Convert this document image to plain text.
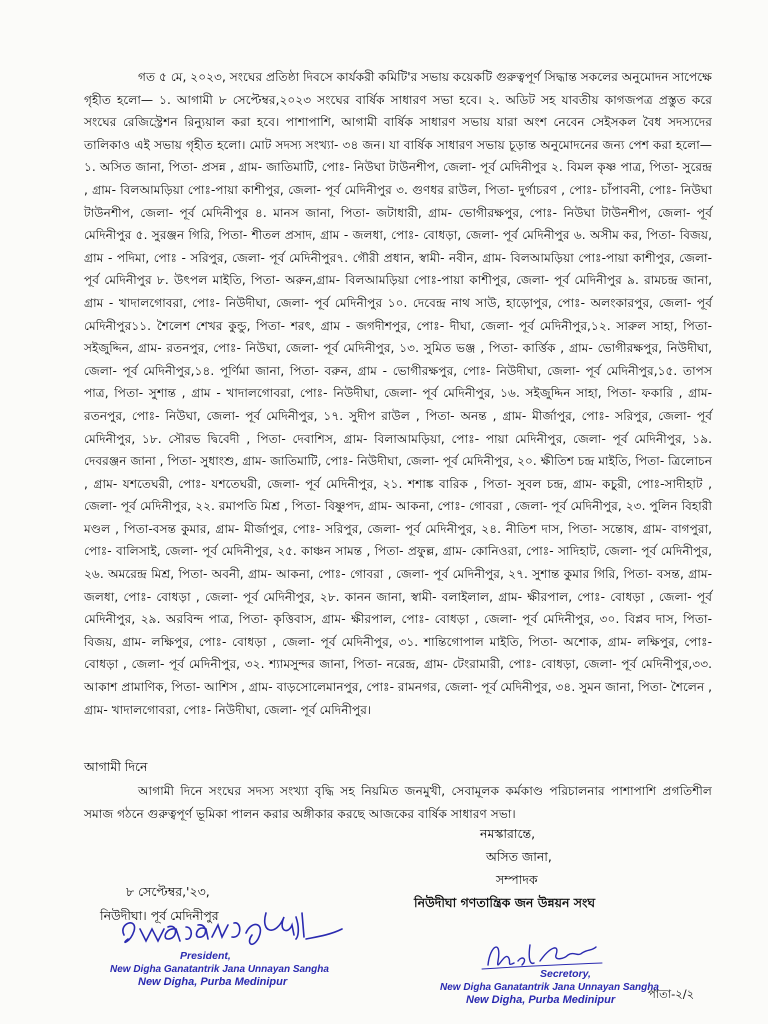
গত ৫ মে, ২০২৩, সংঘের প্রতিষ্ঠা দিবসে কার্যকরী কমিটি'র সভায় কয়েকটি গুরুত্বপূর্ণ সিদ্ধান্ত সকলের অনুমোদন সাপেক্ষে গৃহীত হলো— ১. আগামী ৮ সেপ্টেম্বর,২০২৩ সংঘের বার্ষিক সাধারণ সভা হবে। ২. অডিট সহ যাবতীয় কাগজপত্র প্রস্তুত করে সংঘের রেজিস্ট্রেশন রিন্যুয়াল করা হবে। পাশাপাশি, আগামী বার্ষিক সাধারণ সভায় যারা অংশ নেবেন সেইসকল বৈধ সদস্যদের তালিকাও এই সভায় গৃহীত হলো। মোট সদস্য সংখ্যা- ৩৪ জন। যা বার্ষিক সাধারণ সভায় চূড়ান্ত অনুমোদনের জন্য পেশ করা হলো— ১. অসিত জানা, পিতা- প্রসন্ন , গ্রাম- জাতিমাটি, পোঃ- নিউঘা টাউনশীপ, জেলা- পূর্ব মেদিনীপুর ২. বিমল কৃষ্ণ পাত্র, পিতা- সুরেন্দ্র , গ্রাম- বিলআমড়িয়া পোঃ-পায়া কাশীপুর, জেলা- পূর্ব মেদিনীপুর ৩. গুণধর রাউল, পিতা- দুর্গাচরণ , পোঃ- চাঁপাবনী, পোঃ- নিউঘা টাউনশীপ, জেলা- পূর্ব মেদিনীপুর ৪. মানস জানা, পিতা- জটাধারী, গ্রাম- ভোগীরক্ষপুর, পোঃ- নিউঘা টাউনশীপ, জেলা- পূর্ব মেদিনীপুর ৫. সুরঞ্জন গিরি, পিতা- শীতল প্রসাদ, গ্রাম - জলধা, পোঃ- বোধড়া, জেলা- পূর্ব মেদিনীপুর ৬. অসীম কর, পিতা- বিজয়, গ্রাম - পদিমা, পোঃ - সরিপুর, জেলা- পূর্ব মেদিনীপুর৭. গৌরী প্রধান, স্বামী- নবীন, গ্রাম- বিলআমড়িয়া পোঃ-পায়া কাশীপুর, জেলা- পূর্ব মেদিনীপুর ৮. উৎপল মাইতি, পিতা- অরুন,গ্রাম- বিলআমড়িয়া পোঃ-পায়া কাশীপুর, জেলা- পূর্ব মেদিনীপুর ৯. রামচন্দ্র জানা, গ্রাম - খাদালগোবরা, পোঃ- নিউদীঘা, জেলা- পূর্ব মেদিনীপুর ১০. দেবেন্দ্র নাথ সাউ, হাড়োপুর, পোঃ- অলংকারপুর, জেলা- পূর্ব মেদিনীপুর১১. শৈলেশ শেখর কুন্ডু, পিতা- শরৎ, গ্রাম - জগদীশপুর, পোঃ- দীঘা, জেলা- পূর্ব মেদিনীপুর,১২. সারুল সাহা, পিতা- সইজুদ্দিন, গ্রাম- রতনপুর, পোঃ- নিউঘা, জেলা- পূর্ব মেদিনীপুর, ১৩. সুমিত ভঞ্জ , পিতা- কার্ত্তিক , গ্রাম- ভোগীরক্ষপুর, নিউদীঘা, জেলা- পূর্ব মেদিনীপুর,১৪. পূর্ণিমা জানা, পিতা- বরুন, গ্রাম - ভোগীরক্ষপুর, পোঃ- নিউদীঘা, জেলা- পূর্ব মেদিনীপুর,১৫. তাপস পাত্র, পিতা- সুশান্ত , গ্রাম - খাদালগোবরা, পোঃ- নিউদীঘা, জেলা- পূর্ব মেদিনীপুর, ১৬. সইজুদ্দিন সাহা, পিতা- ফকারি , গ্রাম- রতনপুর, পোঃ- নিউঘা, জেলা- পূর্ব মেদিনীপুর, ১৭. সুদীপ রাউল , পিতা- অনন্ত , গ্রাম- মীর্জাপুর, পোঃ- সরিপুর, জেলা- পূর্ব মেদিনীপুর, ১৮. সৌরভ দ্বিবেদী , পিতা- দেবাশিস, গ্রাম- বিলাআমড়িয়া, পোঃ- পায়া মেদিনীপুর, জেলা- পূর্ব মেদিনীপুর, ১৯. দেবরঞ্জন জানা , পিতা- সুধাংশু, গ্রাম- জাতিমাটি, পোঃ- নিউদীঘা, জেলা- পূর্ব মেদিনীপুর, ২০. ক্ষীতিশ চন্দ্র মাইতি, পিতা- ত্রিলোচন , গ্রাম- যশতেঘরী, পোঃ- যশতেঘরী, জেলা- পূর্ব মেদিনীপুর, ২১. শশাঙ্ক বারিক , পিতা- সুবল চন্দ্র, গ্রাম- কচুরী, পোঃ-সাদীহাট , জেলা- পূর্ব মেদিনীপুর, ২২. রমাপতি মিশ্র , পিতা- বিষ্ণুপদ, গ্রাম- আকনা, পোঃ- গোবরা , জেলা- পূর্ব মেদিনীপুর, ২৩. পুলিন বিহারী মণ্ডল , পিতা-বসন্ত কুমার, গ্রাম- মীর্জাপুর, পোঃ- সরিপুর, জেলা- পূর্ব মেদিনীপুর, ২৪. নীতিশ দাস, পিতা- সন্তোষ, গ্রাম- বাগপুরা, পোঃ- বালিসাই, জেলা- পূর্ব মেদিনীপুর, ২৫. কাঞ্চন সামন্ত , পিতা- প্রফুল্ল, গ্রাম- কোনিওরা, পোঃ- সাদিহাট, জেলা- পূর্ব মেদিনীপুর, ২৬. অমরেন্দ্র মিশ্র, পিতা- অবনী, গ্রাম- আকনা, পোঃ- গোবরা , জেলা- পূর্ব মেদিনীপুর, ২৭. সুশান্ত কুমার গিরি, পিতা- বসন্ত, গ্রাম- জলধা, পোঃ- বোধড়া , জেলা- পূর্ব মেদিনীপুর, ২৮. কানন জানা, স্বামী- বলাইলাল, গ্রাম- ক্ষীরপাল, পোঃ- বোধড়া , জেলা- পূর্ব মেদিনীপুর, ২৯. অরবিন্দ পাত্র, পিতা- কৃত্তিবাস, গ্রাম- ক্ষীরপাল, পোঃ- বোধড়া , জেলা- পূর্ব মেদিনীপুর, ৩০. বিপ্লব দাস, পিতা- বিজয়, গ্রাম- লক্ষিপুর, পোঃ- বোধড়া , জেলা- পূর্ব মেদিনীপুর, ৩১. শান্তিগোপাল মাইতি, পিতা- অশোক, গ্রাম- লক্ষিপুর, পোঃ- বোধড়া , জেলা- পূর্ব মেদিনীপুর, ৩২. শ্যামসুন্দর জানা, পিতা- নরেন্দ্র, গ্রাম- টেংরামারী, পোঃ- বোধড়া, জেলা- পূর্ব মেদিনীপুর,৩৩. আকাশ প্রামাণিক, পিতা- আশিস , গ্রাম- বাড়সোলেমানপুর, পোঃ- রামনগর, জেলা- পূর্ব মেদিনীপুর, ৩৪. সুমন জানা, পিতা- শৈলেন , গ্রাম- খাদালগোবরা, পোঃ- নিউদীঘা, জেলা- পূর্ব মেদিনীপুর।

আগামী দিনে

আগামী দিনে সংঘের সদস্য সংখ্যা বৃদ্ধি সহ নিয়মিত জনমুখী, সেবামূলক কর্মকাণ্ড পরিচালনার পাশাপাশি প্রগতিশীল সমাজ গঠনে গুরুত্বপূর্ণ ভূমিকা পালন করার অঙ্গীকার করছে আজকের বার্ষিক সাধারণ সভা।

নমস্কারান্তে,
অসিত জানা,
সম্পাদক
নিউদীঘা গণতান্ত্রিক জন উন্নয়ন সংঘ
৮ সেপ্টেম্বর,'২৩,
নিউদীঘা। পূর্ব মেদিনীপুর
President,
New Digha Ganatantrik Jana Unnayan Sangha
New Digha, Purba Medinipur
Secretory,
New Digha Ganatantrik Jana Unnayan Sangha
New Digha, Purba Medinipur	পাতা-২/২
